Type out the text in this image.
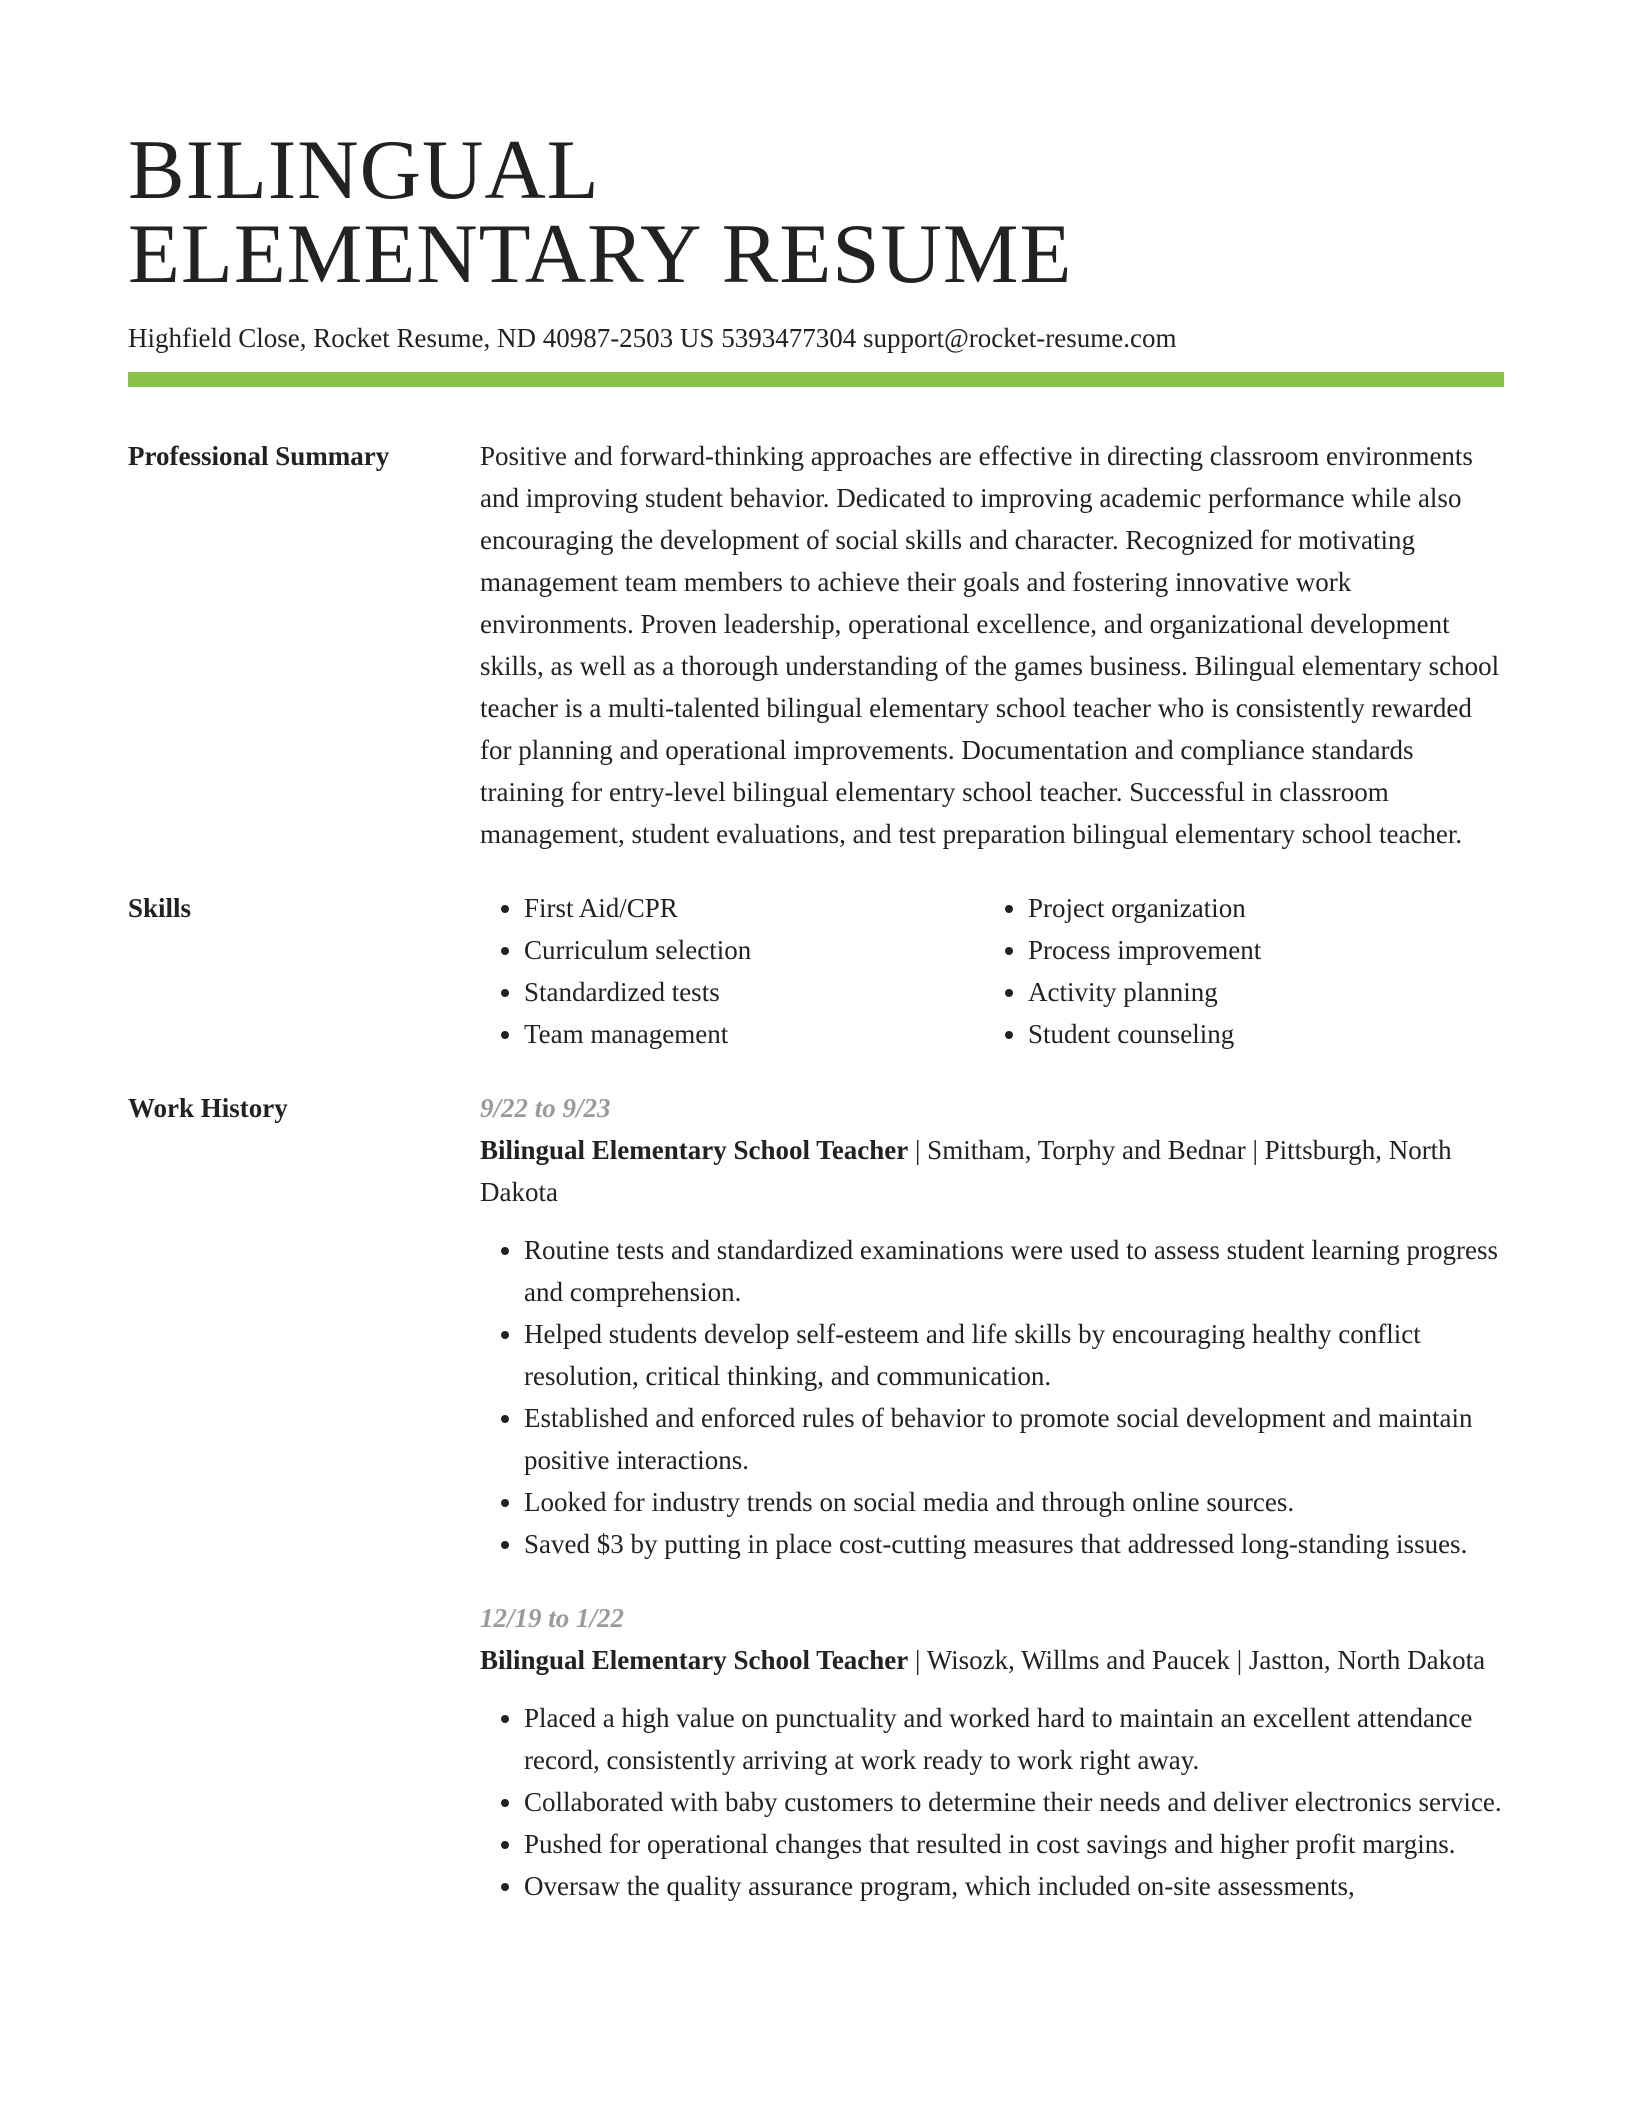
BILINGUAL
ELEMENTARY RESUME
Highfield Close, Rocket Resume, ND 40987-2503 US 5393477304 support@rocket-resume.com
Professional Summary	Positive and forward-thinking approaches are effective in directing classroom environments and improving student behavior. Dedicated to improving academic performance while also encouraging the development of social skills and character. Recognized for motivating management team members to achieve their goals and fostering innovative work environments. Proven leadership, operational excellence, and organizational development skills, as well as a thorough understanding of the games business. Bilingual elementary school teacher is a multi-talented bilingual elementary school teacher who is consistently rewarded for planning and operational improvements. Documentation and compliance standards training for entry-level bilingual elementary school teacher. Successful in classroom management, student evaluations, and test preparation bilingual elementary school teacher.

Skills
•	First Aid/CPR
• Curriculum selection
• Standardized tests
• Team management
• Project organization
• Process improvement
• Activity planning
• Student counseling
Work History	9/22 to 9/23
Bilingual Elementary School Teacher | Smitham, Torphy and Bednar | Pittsburgh, North Dakota
• Routine tests and standardized examinations were used to assess student learning progress and comprehension.
• Helped students develop self-esteem and life skills by encouraging healthy conflict resolution, critical thinking, and communication.
• Established and enforced rules of behavior to promote social development and maintain positive interactions.
• Looked for industry trends on social media and through online sources.
• Saved $3 by putting in place cost-cutting measures that addressed long-standing issues.
12/19 to 1/22
Bilingual Elementary School Teacher | Wisozk, Willms and Paucek | Jastton, North Dakota
• Placed a high value on punctuality and worked hard to maintain an excellent attendance record, consistently arriving at work ready to work right away.
• Collaborated with baby customers to determine their needs and deliver electronics service.
• Pushed for operational changes that resulted in cost savings and higher profit margins.
• Oversaw the quality assurance program, which included on-site assessments,
